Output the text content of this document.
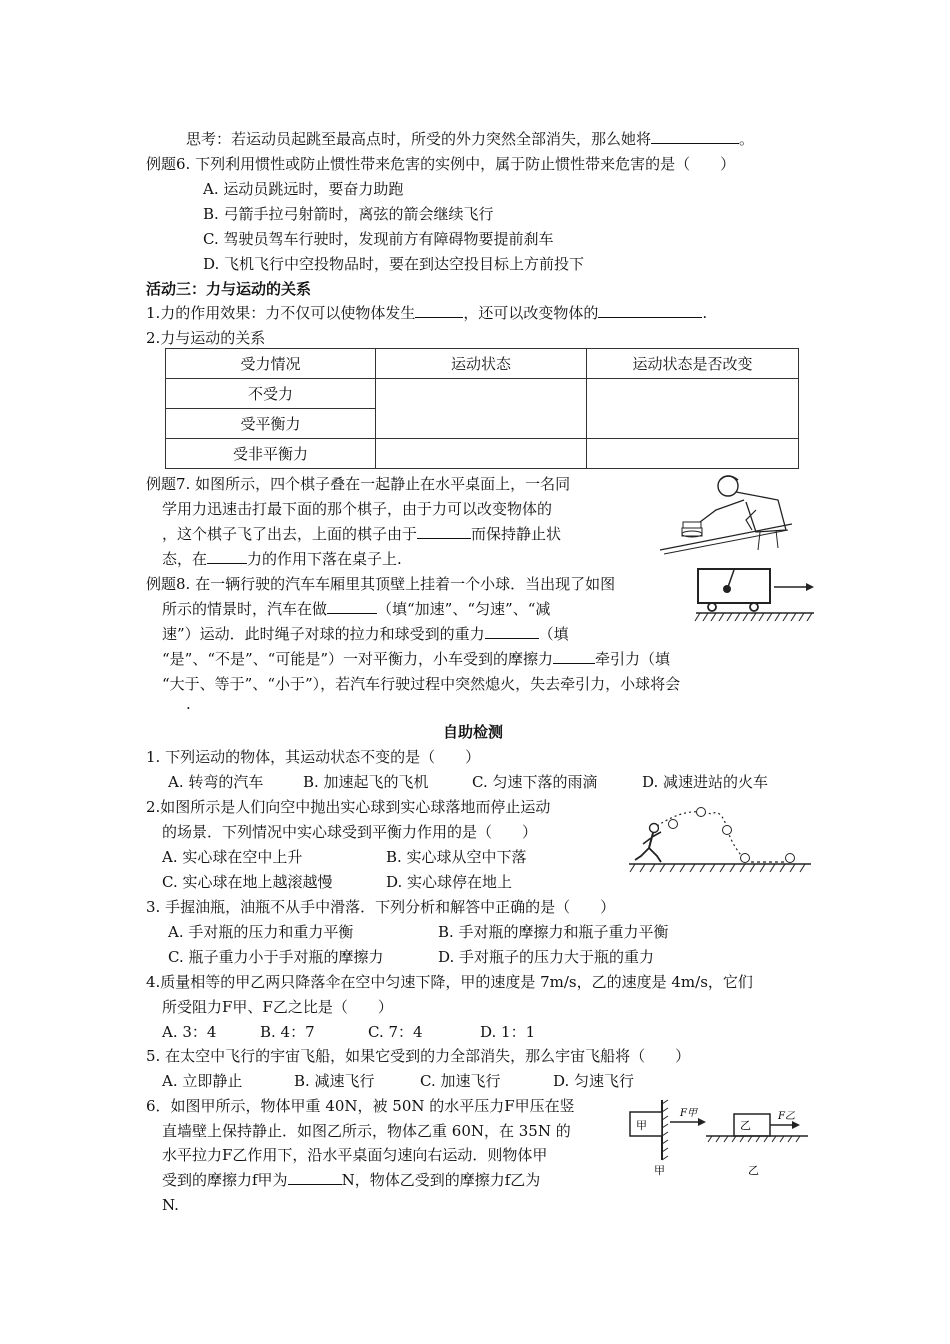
思考：若运动员起跳至最高点时，所受的外力突然全部消失，那么她将	。
例题6. 下列利用惯性或防止惯性带来危害的实例中，属于防止惯性带来危害的是（　　）
A. 运动员跳远时，要奋力助跑
B. 弓箭手拉弓射箭时，离弦的箭会继续飞行
C. 驾驶员驾车行驶时，发现前方有障碍物要提前刹车
D. 飞机飞行中空投物品时，要在到达空投目标上方前投下
活动三：力与运动的关系
1.力的作用效果：力不仅可以使物体发生	，还可以改变物体的	.
2.力与运动的关系
受力情况	运动状态	运动状态是否改变
不受力		
受平衡力		
受非平衡力		
例题7. 如图所示，四个棋子叠在一起静止在水平桌面上，一名同
学用力迅速击打最下面的那个棋子，由于力可以改变物体的
，这个棋子飞了出去，上面的棋子由于	而保持静止状
态，在	力的作用下落在桌子上.
例题8. 在一辆行驶的汽车车厢里其顶壁上挂着一个小球．当出现了如图
所示的情景时，汽车在做	（填“加速”、“匀速”、“减
速”）运动．此时绳子对球的拉力和球受到的重力	（填
“是”、“不是”、“可能是”）一对平衡力，小车受到的摩擦力	牵引力（填
“大于、等于”、“小于”），若汽车行驶过程中突然熄火，失去牵引力，小球将会
.
自助检测
1. 下列运动的物体，其运动状态不变的是（　　）
A. 转弯的汽车	B. 加速起飞的飞机	C. 匀速下落的雨滴	D. 减速进站的火车
2.如图所示是人们向空中抛出实心球到实心球落地而停止运动
的场景．下列情况中实心球受到平衡力作用的是（　　）
A. 实心球在空中上升	B. 实心球从空中下落
C. 实心球在地上越滚越慢	D. 实心球停在地上
3. 手握油瓶，油瓶不从手中滑落．下列分析和解答中正确的是（　　）
A. 手对瓶的压力和重力平衡	B. 手对瓶的摩擦力和瓶子重力平衡
C. 瓶子重力小于手对瓶的摩擦力	D. 手对瓶子的压力大于瓶的重力
4.质量相等的甲乙两只降落伞在空中匀速下降，甲的速度是 7m/s，乙的速度是 4m/s，它们
所受阻力F甲、F乙之比是（　　）
A. 3：4	B. 4：7	C. 7：4	D. 1：1
5. 在太空中飞行的宇宙飞船，如果它受到的力全部消失，那么宇宙飞船将（　　）
A. 立即静止	B. 减速飞行	C. 加速飞行	D. 匀速飞行
6．如图甲所示，物体甲重 40N，被 50N 的水平压力F甲压在竖
直墙壁上保持静止．如图乙所示，物体乙重 60N，在 35N 的
水平拉力F乙作用下，沿水平桌面匀速向右运动．则物体甲
受到的摩擦力f甲为	N，物体乙受到的摩擦力f乙为
N.
甲
F甲
甲
乙
F乙
乙
